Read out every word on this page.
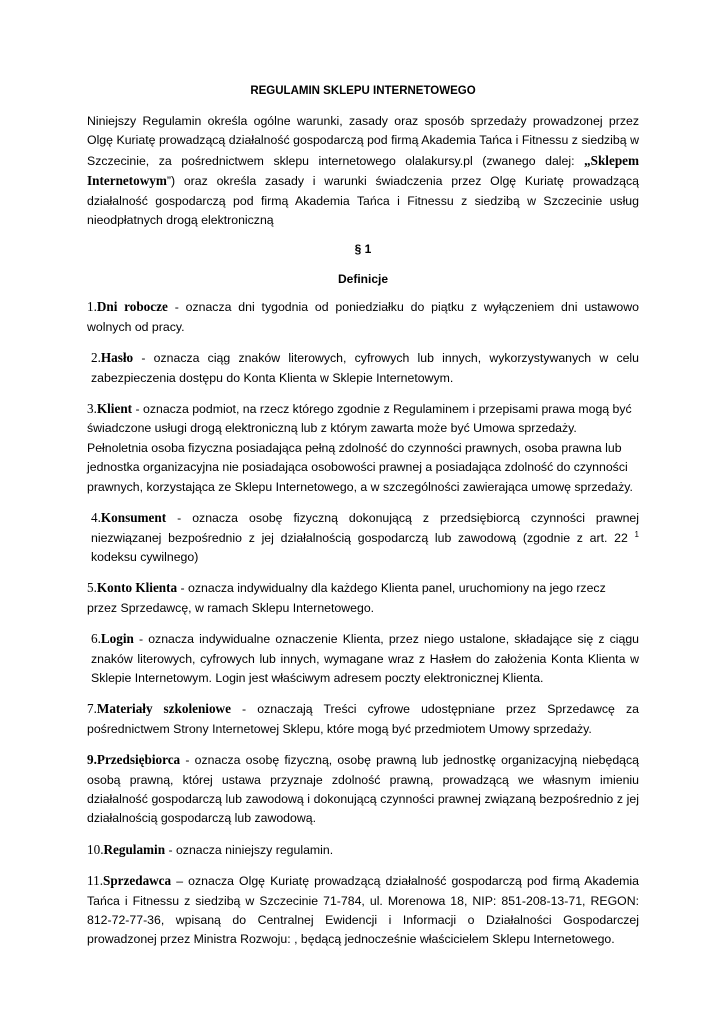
REGULAMIN SKLEPU INTERNETOWEGO

Niniejszy Regulamin określa ogólne warunki, zasady oraz sposób sprzedaży prowadzonej przez Olgę Kuriatę prowadzącą działalność gospodarczą pod firmą Akademia Tańca i Fitnessu z siedzibą w Szczecinie, za pośrednictwem sklepu internetowego olalakursy.pl (zwanego dalej: „Sklepem Internetowym”) oraz określa zasady i warunki świadczenia przez Olgę Kuriatę prowadzącą działalność gospodarczą pod firmą Akademia Tańca i Fitnessu z siedzibą w Szczecinie usług nieodpłatnych drogą elektroniczną

§ 1
Definicje

1.Dni robocze - oznacza dni tygodnia od poniedziałku do piątku z wyłączeniem dni ustawowo wolnych od pracy.

2.Hasło - oznacza ciąg znaków literowych, cyfrowych lub innych, wykorzystywanych w celu zabezpieczenia dostępu do Konta Klienta w Sklepie Internetowym.

3.Klient - oznacza podmiot, na rzecz którego zgodnie z Regulaminem i przepisami prawa mogą być świadczone usługi drogą elektroniczną lub z którym zawarta może być Umowa sprzedaży. Pełnoletnia osoba fizyczna posiadająca pełną zdolność do czynności prawnych, osoba prawna lub jednostka organizacyjna nie posiadająca osobowości prawnej a posiadająca zdolność do czynności prawnych, korzystająca ze Sklepu Internetowego, a w szczególności zawierająca umowę sprzedaży.

4.Konsument - oznacza osobę fizyczną dokonującą z przedsiębiorcą czynności prawnej niezwiązanej bezpośrednio z jej działalnością gospodarczą lub zawodową (zgodnie z art. 22 $^1$ kodeksu cywilnego)

5.Konto Klienta - oznacza indywidualny dla każdego Klienta panel, uruchomiony na jego rzecz przez Sprzedawcę, w ramach Sklepu Internetowego.

6.Login - oznacza indywidualne oznaczenie Klienta, przez niego ustalone, składające się z ciągu znaków literowych, cyfrowych lub innych, wymagane wraz z Hasłem do założenia Konta Klienta w Sklepie Internetowym. Login jest właściwym adresem poczty elektronicznej Klienta.

7.Materiały szkoleniowe - oznaczają Treści cyfrowe udostępniane przez Sprzedawcę za pośrednictwem Strony Internetowej Sklepu, które mogą być przedmiotem Umowy sprzedaży.

9.Przedsiębiorca - oznacza osobę fizyczną, osobę prawną lub jednostkę organizacyjną niebędącą osobą prawną, której ustawa przyznaje zdolność prawną, prowadzącą we własnym imieniu działalność gospodarczą lub zawodową i dokonującą czynności prawnej związaną bezpośrednio z jej działalnością gospodarczą lub zawodową.

10.Regulamin - oznacza niniejszy regulamin.

11.Sprzedawca – oznacza Olgę Kuriatę prowadzącą działalność gospodarczą pod firmą Akademia Tańca i Fitnessu z siedzibą w Szczecinie 71-784, ul. Morenowa 18, NIP: 851-208-13-71, REGON: 812-72-77-36, wpisaną do Centralnej Ewidencji i Informacji o Działalności Gospodarczej prowadzonej przez Ministra Rozwoju: , będącą jednocześnie właścicielem Sklepu Internetowego.
